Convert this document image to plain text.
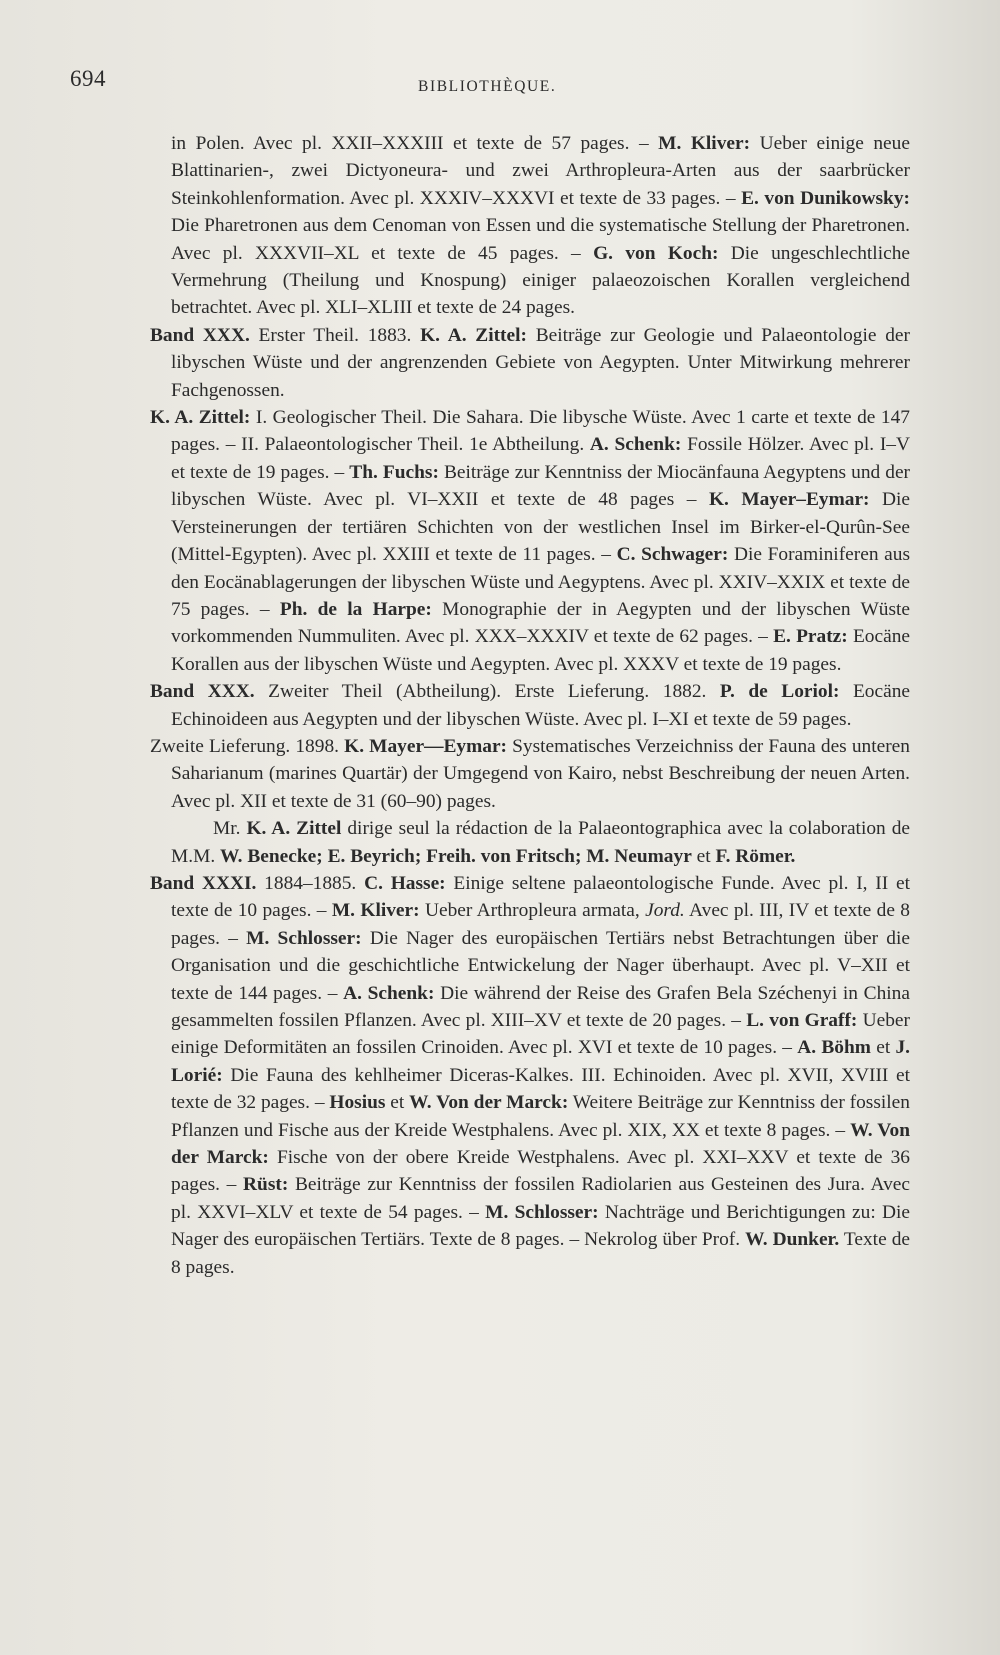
694	BIBLIOTHÈQUE.

in Polen. Avec pl. XXII–XXXIII et texte de 57 pages. – M. Kliver: Ueber einige neue Blattinarien-, zwei Dictyoneura- und zwei Arthropleura-Arten aus der saarbrücker Steinkohlenformation. Avec pl. XXXIV–XXXVI et texte de 33 pages. – E. von Dunikowsky: Die Pharetronen aus dem Cenoman von Essen und die systematische Stellung der Pharetronen. Avec pl. XXXVII–XL et texte de 45 pages. – G. von Koch: Die ungeschlechtliche Vermehrung (Theilung und Knospung) einiger palaeozoischen Korallen vergleichend betrachtet. Avec pl. XLI–XLIII et texte de 24 pages.

Band XXX. Erster Theil. 1883. K. A. Zittel: Beiträge zur Geologie und Palaeontologie der libyschen Wüste und der angrenzenden Gebiete von Aegypten. Unter Mitwirkung mehrerer Fachgenossen.

K. A. Zittel: I. Geologischer Theil. Die Sahara. Die libysche Wüste. Avec 1 carte et texte de 147 pages. – II. Palaeontologischer Theil. 1e Abtheilung. A. Schenk: Fossile Hölzer. Avec pl. I–V et texte de 19 pages. – Th. Fuchs: Beiträge zur Kenntniss der Miocänfauna Aegyptens und der libyschen Wüste. Avec pl. VI–XXII et texte de 48 pages – K. Mayer–Eymar: Die Versteinerungen der tertiären Schichten von der westlichen Insel im Birker-el-Qurûn-See (Mittel-Egypten). Avec pl. XXIII et texte de 11 pages. – C. Schwager: Die Foraminiferen aus den Eocänablagerungen der libyschen Wüste und Aegyptens. Avec pl. XXIV–XXIX et texte de 75 pages. – Ph. de la Harpe: Monographie der in Aegypten und der libyschen Wüste vorkommenden Nummuliten. Avec pl. XXX–XXXIV et texte de 62 pages. – E. Pratz: Eocäne Korallen aus der libyschen Wüste und Aegypten. Avec pl. XXXV et texte de 19 pages.

Band XXX. Zweiter Theil (Abtheilung). Erste Lieferung. 1882. P. de Loriol: Eocäne Echinoideen aus Aegypten und der libyschen Wüste. Avec pl. I–XI et texte de 59 pages.

Zweite Lieferung. 1898. K. Mayer—Eymar: Systematisches Verzeichniss der Fauna des unteren Saharianum (marines Quartär) der Umgegend von Kairo, nebst Beschreibung der neuen Arten. Avec pl. XII et texte de 31 (60–90) pages.

Mr. K. A. Zittel dirige seul la rédaction de la Palaeontographica avec la colaboration de M.M. W. Benecke; E. Beyrich; Freih. von Fritsch; M. Neumayr et F. Römer.

Band XXXI. 1884–1885. C. Hasse: Einige seltene palaeontologische Funde. Avec pl. I, II et texte de 10 pages. – M. Kliver: Ueber Arthropleura armata, Jord. Avec pl. III, IV et texte de 8 pages. – M. Schlosser: Die Nager des europäischen Tertiärs nebst Betrachtungen über die Organisation und die geschichtliche Entwickelung der Nager überhaupt. Avec pl. V–XII et texte de 144 pages. – A. Schenk: Die während der Reise des Grafen Bela Széchenyi in China gesammelten fossilen Pflanzen. Avec pl. XIII–XV et texte de 20 pages. – L. von Graff: Ueber einige Deformitäten an fossilen Crinoiden. Avec pl. XVI et texte de 10 pages. – A. Böhm et J. Lorié: Die Fauna des kehlheimer Diceras-Kalkes. III. Echinoiden. Avec pl. XVII, XVIII et texte de 32 pages. – Hosius et W. Von der Marck: Weitere Beiträge zur Kenntniss der fossilen Pflanzen und Fische aus der Kreide Westphalens. Avec pl. XIX, XX et texte 8 pages. – W. Von der Marck: Fische von der obere Kreide Westphalens. Avec pl. XXI–XXV et texte de 36 pages. – Rüst: Beiträge zur Kenntniss der fossilen Radiolarien aus Gesteinen des Jura. Avec pl. XXVI–XLV et texte de 54 pages. – M. Schlosser: Nachträge und Berichtigungen zu: Die Nager des europäischen Tertiärs. Texte de 8 pages. – Nekrolog über Prof. W. Dunker. Texte de 8 pages.
